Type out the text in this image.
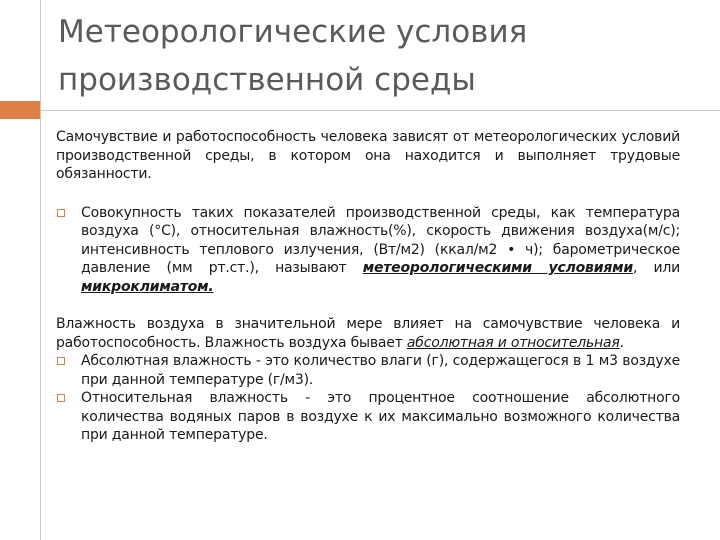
Метеорологические условия производственной среды

Самочувствие и работоспособность человека зависят от метеорологических условий производственной среды, в котором она находится и выполняет трудовые обязанности.

Совокупность таких показателей производственной среды, как температура воздуха (°С), относительная влажность(%), скорость движения воздуха(м/с); интенсивность теплового излучения, (Вт/м2) (ккал/м2 • ч); барометрическое давление (мм рт.ст.), называют метеорологическими условиями, или микроклиматом.

Влажность воздуха в значительной мере влияет на самочувствие человека и работоспособность. Влажность воздуха бывает абсолютная и относительная.

Абсолютная влажность - это количество влаги (г), содержащегося в 1 м3 воздухе при данной температуре (г/м3).

Относительная влажность - это процентное соотношение абсолютного количества водяных паров в воздухе к их максимально возможного количества при данной температуре.
